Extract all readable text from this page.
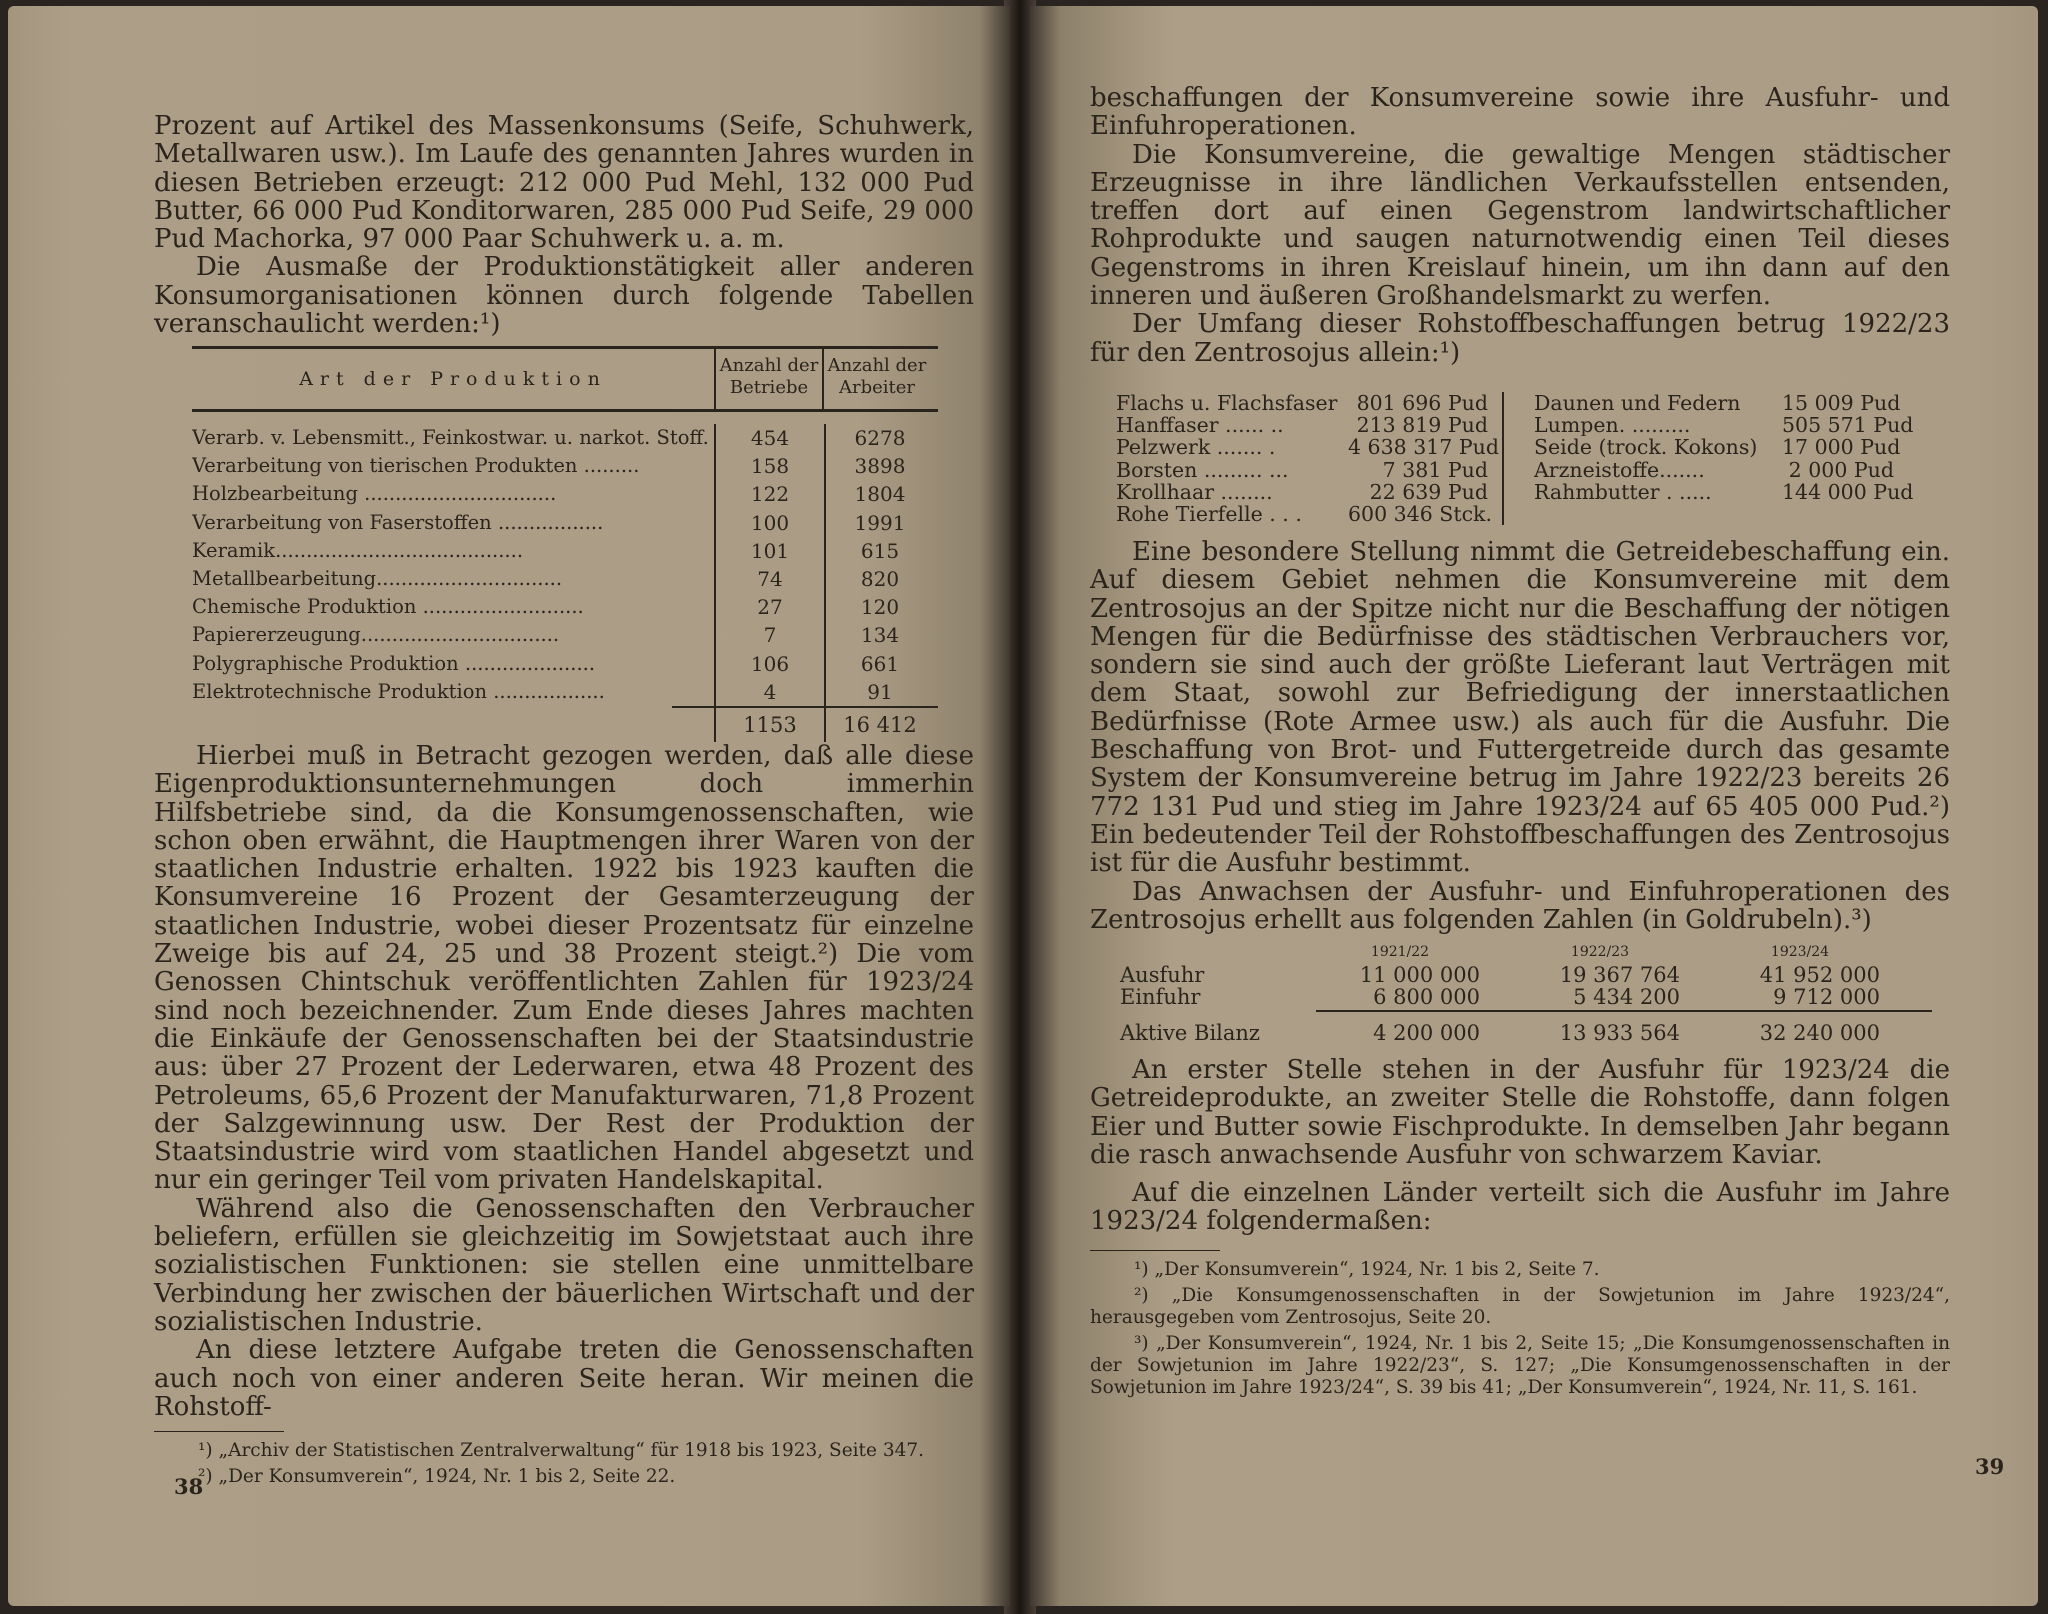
Prozent auf Artikel des Massenkonsums (Seife, Schuhwerk, Metallwaren usw.). Im Laufe des genannten Jahres wurden in diesen Betrieben erzeugt: 212 000 Pud Mehl, 132 000 Pud Butter, 66 000 Pud Konditorwaren, 285 000 Pud Seife, 29 000 Pud Machorka, 97 000 Paar Schuhwerk u. a. m.

Die Ausmaße der Produktionstätigkeit aller anderen Konsumorganisationen können durch folgende Tabellen veranschaulicht werden:¹)

Art der Produktion
Anzahl der Betriebe
Anzahl der Arbeiter
Verarb. v. Lebensmitt., Feinkostwar. u. narkot. Stoff.	454	6278
Verarbeitung von tierischen Produkten .........	158	3898
Holzbearbeitung ...............................	122	1804
Verarbeitung von Faserstoffen .................	100	1991
Keramik........................................	101	615
Metallbearbeitung..............................	74	820
Chemische Produktion ..........................	27	120
Papiererzeugung................................	7	134
Polygraphische Produktion .....................	106	661
Elektrotechnische Produktion ..................	4	91
1153	16 412

Hierbei muß in Betracht gezogen werden, daß alle diese Eigenproduktionsunternehmungen doch immerhin Hilfsbetriebe sind, da die Konsumgenossenschaften, wie schon oben erwähnt, die Hauptmengen ihrer Waren von der staatlichen Industrie erhalten. 1922 bis 1923 kauften die Konsumvereine 16 Prozent der Gesamterzeugung der staatlichen Industrie, wobei dieser Prozentsatz für einzelne Zweige bis auf 24, 25 und 38 Prozent steigt.²) Die vom Genossen Chintschuk veröffentlichten Zahlen für 1923/24 sind noch bezeichnender. Zum Ende dieses Jahres machten die Einkäufe der Genossenschaften bei der Staatsindustrie aus: über 27 Prozent der Lederwaren, etwa 48 Prozent des Petroleums, 65,6 Prozent der Manufakturwaren, 71,8 Prozent der Salzgewinnung usw. Der Rest der Produktion der Staatsindustrie wird vom staatlichen Handel abgesetzt und nur ein geringer Teil vom privaten Handelskapital.

Während also die Genossenschaften den Verbraucher beliefern, erfüllen sie gleichzeitig im Sowjetstaat auch ihre sozialistischen Funktionen: sie stellen eine unmittelbare Verbindung her zwischen der bäuerlichen Wirtschaft und der sozialistischen Industrie.

An diese letztere Aufgabe treten die Genossenschaften auch noch von einer anderen Seite heran. Wir meinen die Rohstoff-

¹) „Archiv der Statistischen Zentralverwaltung“ für 1918 bis 1923, Seite 347.

²) „Der Konsumverein“, 1924, Nr. 1 bis 2, Seite 22.

38

beschaffungen der Konsumvereine sowie ihre Ausfuhr- und Einfuhroperationen.

Die Konsumvereine, die gewaltige Mengen städtischer Erzeugnisse in ihre ländlichen Verkaufsstellen entsenden, treffen dort auf einen Gegenstrom landwirtschaftlicher Rohprodukte und saugen naturnotwendig einen Teil dieses Gegenstroms in ihren Kreislauf hinein, um ihn dann auf den inneren und äußeren Großhandelsmarkt zu werfen.

Der Umfang dieser Rohstoffbeschaffungen betrug 1922/23 für den Zentrosojus allein:¹)

Flachs u. Flachsfaser 801 696 Pud
Hanffaser ...... ..	213 819 Pud
Pelzwerk ....... .	4 638 317 Pud
Borsten ......... ...	7 381 Pud
Krollhaar ........	22 639 Pud
Rohe Tierfelle . . .	600 346 Stck.
Daunen und Federn	15 009 Pud
Lumpen. .........	505 571 Pud
Seide (trock. Kokons)	17 000 Pud
Arzneistoffe.......	2 000 Pud
Rahmbutter . .....	144 000 Pud

Eine besondere Stellung nimmt die Getreidebeschaffung ein. Auf diesem Gebiet nehmen die Konsumvereine mit dem Zentrosojus an der Spitze nicht nur die Beschaffung der nötigen Mengen für die Bedürfnisse des städtischen Verbrauchers vor, sondern sie sind auch der größte Lieferant laut Verträgen mit dem Staat, sowohl zur Befriedigung der innerstaatlichen Bedürfnisse (Rote Armee usw.) als auch für die Ausfuhr. Die Beschaffung von Brot- und Futtergetreide durch das gesamte System der Konsumvereine betrug im Jahre 1922/23 bereits 26 772 131 Pud und stieg im Jahre 1923/24 auf 65 405 000 Pud.²) Ein bedeutender Teil der Rohstoffbeschaffungen des Zentrosojus ist für die Ausfuhr bestimmt.

Das Anwachsen der Ausfuhr- und Einfuhroperationen des Zentrosojus erhellt aus folgenden Zahlen (in Goldrubeln).³)

1921/22	1922/23	1923/24
Ausfuhr	11 000 000	19 367 764	41 952 000
Einfuhr	6 800 000	5 434 200	9 712 000
Aktive Bilanz	4 200 000	13 933 564	32 240 000

An erster Stelle stehen in der Ausfuhr für 1923/24 die Getreideprodukte, an zweiter Stelle die Rohstoffe, dann folgen Eier und Butter sowie Fischprodukte. In demselben Jahr begann die rasch anwachsende Ausfuhr von schwarzem Kaviar.

Auf die einzelnen Länder verteilt sich die Ausfuhr im Jahre 1923/24 folgendermaßen:

¹) „Der Konsumverein“, 1924, Nr. 1 bis 2, Seite 7.

²) „Die Konsumgenossenschaften in der Sowjetunion im Jahre 1923/24“, herausgegeben vom Zentrosojus, Seite 20.

³) „Der Konsumverein“, 1924, Nr. 1 bis 2, Seite 15; „Die Konsumgenossenschaften in der Sowjetunion im Jahre 1922/23“, S. 127; „Die Konsumgenossenschaften in der Sowjetunion im Jahre 1923/24“, S. 39 bis 41; „Der Konsumverein“, 1924, Nr. 11, S. 161.

39
